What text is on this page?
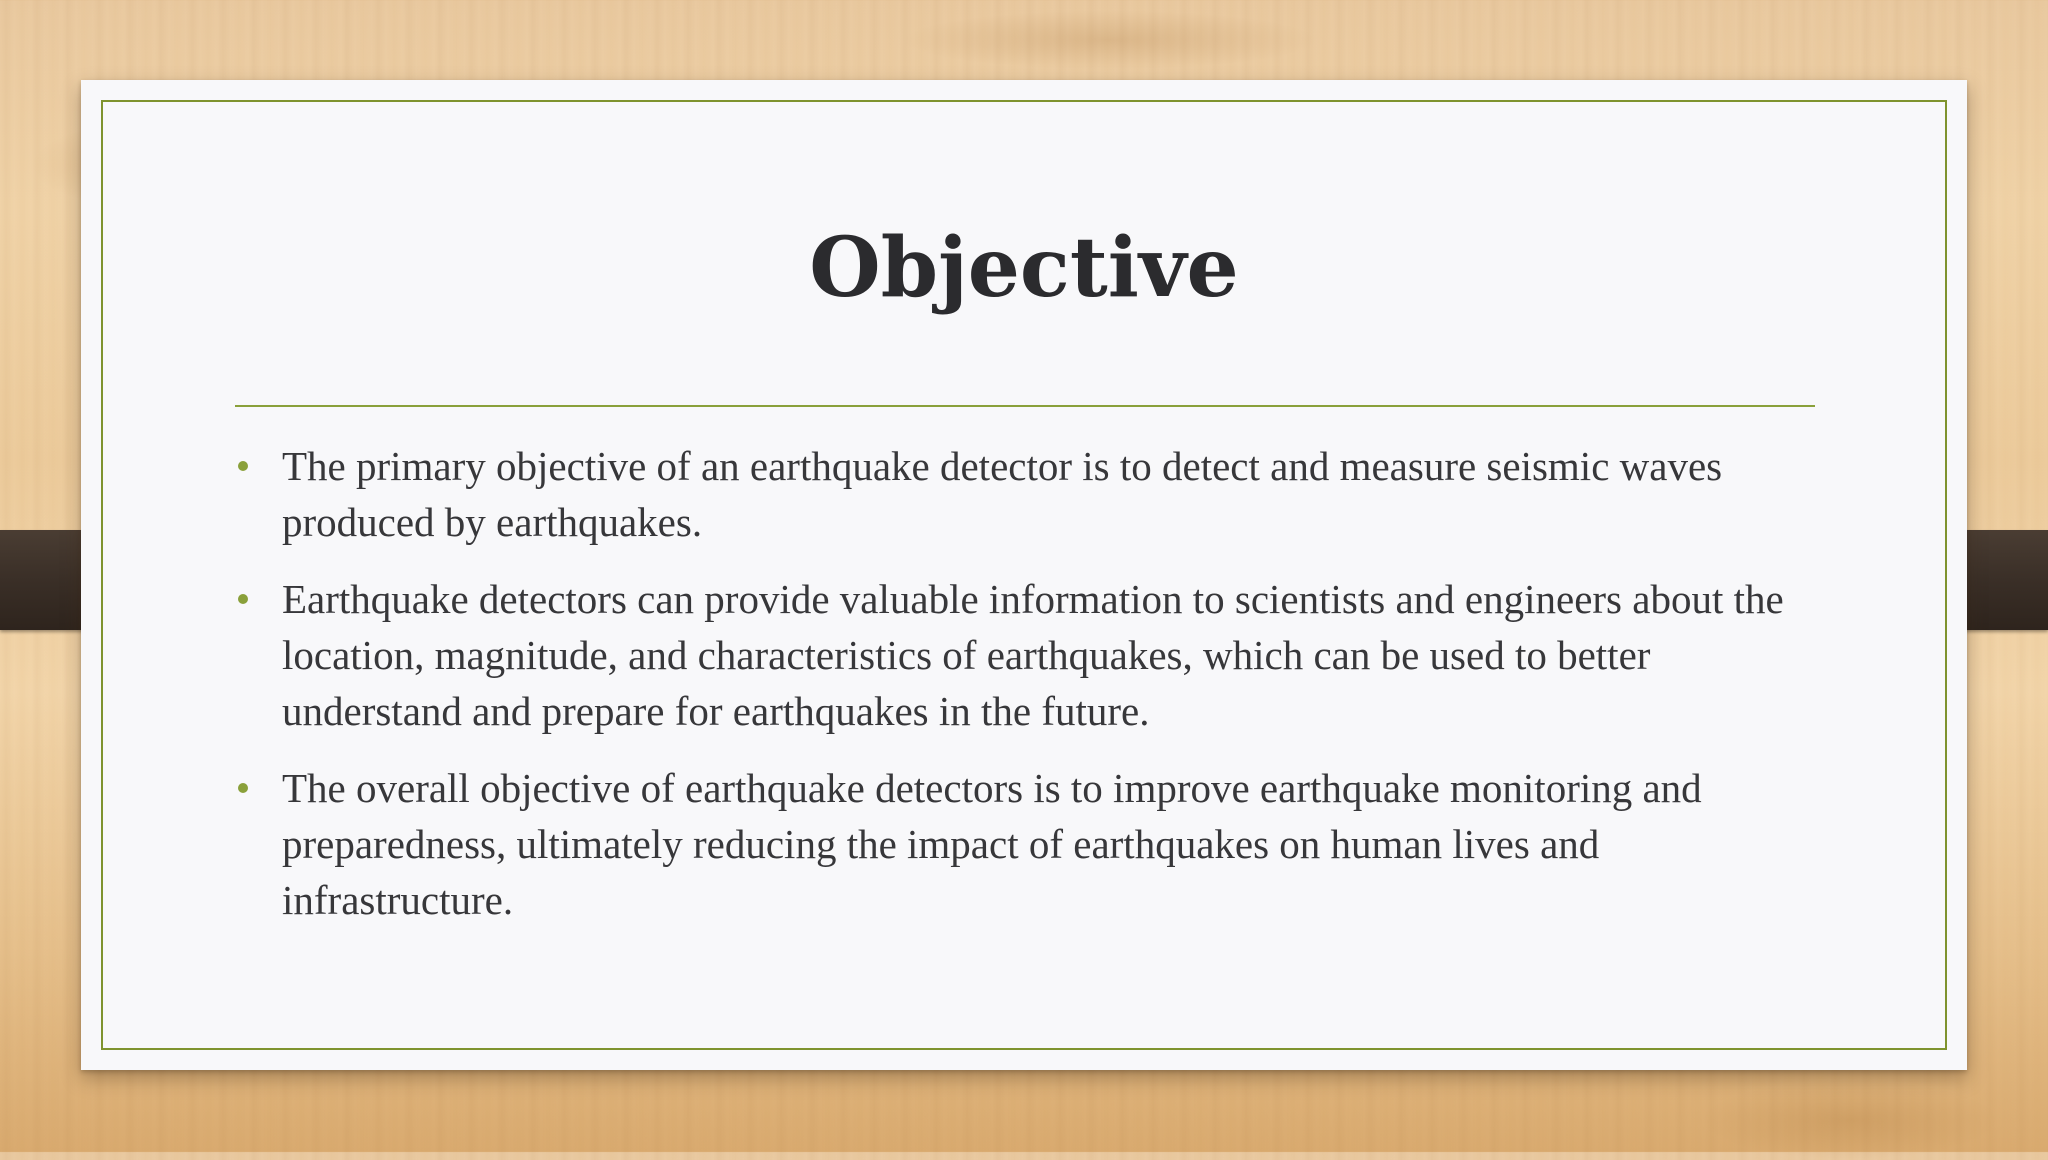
Objective
The primary objective of an earthquake detector is to detect and measure seismic waves produced by earthquakes.
Earthquake detectors can provide valuable information to scientists and engineers about the location, magnitude, and characteristics of earthquakes, which can be used to better understand and prepare for earthquakes in the future.
The overall objective of earthquake detectors is to improve earthquake monitoring and preparedness, ultimately reducing the impact of earthquakes on human lives and infrastructure.
